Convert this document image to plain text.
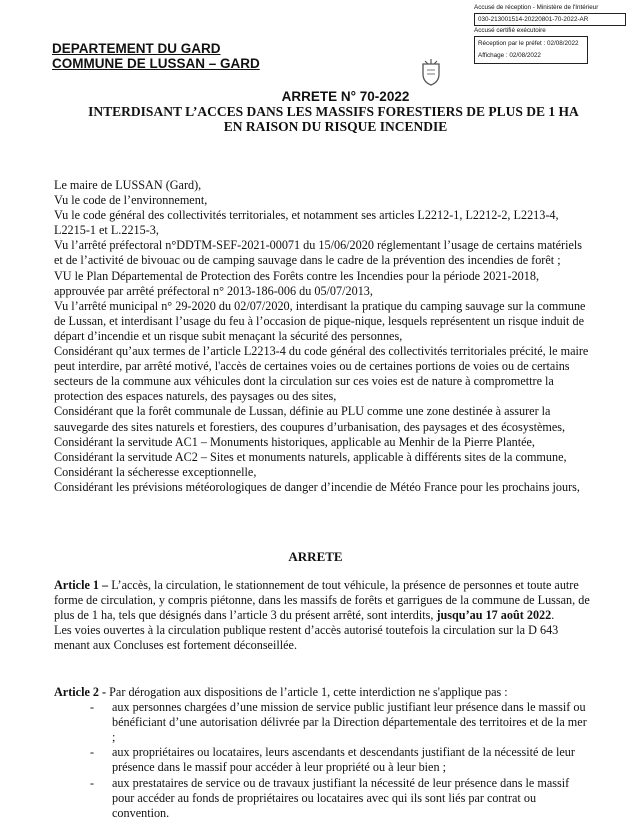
Accusé de réception - Ministère de l'Intérieur
030-213001514-20220801-70-2022-AR
Accusé certifié exécutoire
Réception par le préfet : 02/08/2022
Affichage : 02/08/2022
DEPARTEMENT DU GARD
COMMUNE DE LUSSAN – GARD
ARRETE N° 70-2022
INTERDISANT L’ACCES DANS LES MASSIFS FORESTIERS DE PLUS DE 1 HA
EN RAISON DU RISQUE INCENDIE

Le maire de LUSSAN (Gard),

Vu le code de l’environnement,

Vu le code général des collectivités territoriales, et notamment ses articles L2212-1, L2212-2, L2213-4, L2215-1 et L.2215-3,

Vu l’arrêté préfectoral n°DDTM-SEF-2021-00071 du 15/06/2020 réglementant l’usage de certains matériels et de l’activité de bivouac ou de camping sauvage dans le cadre de la prévention des incendies de forêt ;

VU le Plan Départemental de Protection des Forêts contre les Incendies pour la période 2021-2018, approuvée par arrêté préfectoral n° 2013-186-006 du 05/07/2013,

Vu l’arrêté municipal n° 29-2020 du 02/07/2020, interdisant la pratique du camping sauvage sur la commune de Lussan, et interdisant l’usage du feu à l’occasion de pique-nique, lesquels représentent un risque induit de départ d’incendie et un risque subit menaçant la sécurité des personnes,

Considérant qu’aux termes de l’article L2213-4 du code général des collectivités territoriales précité, le maire peut interdire, par arrêté motivé, l'accès de certaines voies ou de certaines portions de voies ou de certains secteurs de la commune aux véhicules dont la circulation sur ces voies est de nature à compromettre la protection des espaces naturels, des paysages ou des sites,

Considérant que la forêt communale de Lussan, définie au PLU comme une zone destinée à assurer la sauvegarde des sites naturels et forestiers, des coupures d’urbanisation, des paysages et des écosystèmes,

Considérant la servitude AC1 – Monuments historiques, applicable au Menhir de la Pierre Plantée,

Considérant la servitude AC2 – Sites et monuments naturels, applicable à différents sites de la commune,

Considérant la sécheresse exceptionnelle,

Considérant les prévisions météorologiques de danger d’incendie de Météo France pour les prochains jours,

ARRETE

Article 1 – L’accès, la circulation, le stationnement de tout véhicule, la présence de personnes et toute autre forme de circulation, y compris piétonne, dans les massifs de forêts et garrigues de la commune de Lussan, de plus de 1 ha, tels que désignés dans l’article 3 du présent arrêté, sont interdits, jusqu’au 17 août 2022.

Les voies ouvertes à la circulation publique restent d’accès autorisé toutefois la circulation sur la D 643 menant aux Concluses est fortement déconseillée.

Article 2 - Par dérogation aux dispositions de l’article 1, cette interdiction ne s'applique pas :

- aux personnes chargées d’une mission de service public justifiant leur présence dans le massif ou bénéficiant d’une autorisation délivrée par la Direction départementale des territoires et de la mer ;
- aux propriétaires ou locataires, leurs ascendants et descendants justifiant de la nécessité de leur présence dans le massif pour accéder à leur propriété ou à leur bien ;
- aux prestataires de service ou de travaux justifiant la nécessité de leur présence dans le massif pour accéder au fonds de propriétaires ou locataires avec qui ils sont liés par contrat ou convention.
